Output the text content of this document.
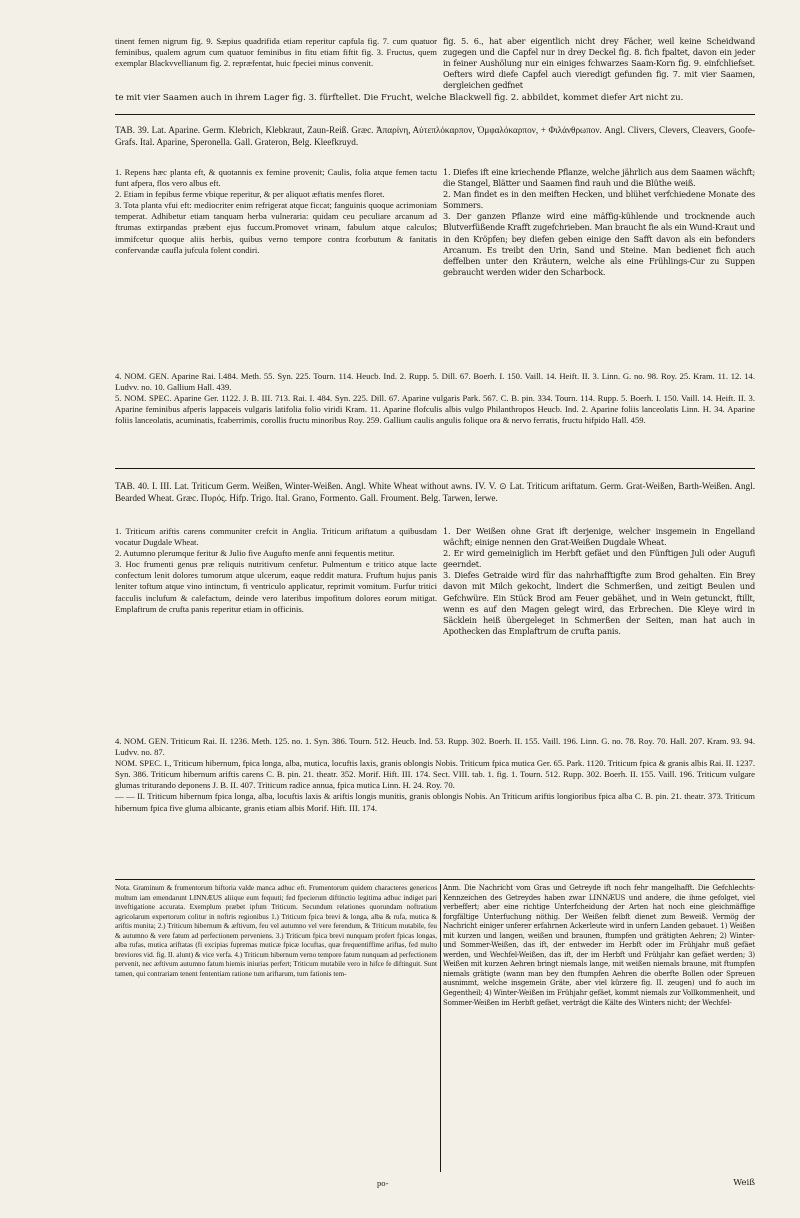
tinent femen nigrum fig. 9. Sæpius quadrifida etiam reperitur capfula fig. 7. cum quatuor feminibus, qualem agrum cum quatuor feminibus in fitu etiam fiftit fig. 3. Fructus, quem exemplar Blackvvellianum fig. 2. repræfentat, huic fpeciei minus convenit.

fig. 5. 6., hat aber eigentlich nicht drey Fächer, weil keine Scheidwand zugegen und die Capfel nur in drey Deckel fig. 8. fich fpaltet, davon ein jeder in feiner Aushölung nur ein einiges fchwarzes Saam-Korn fig. 9. einfchliefset. Oefters wird diefe Capfel auch vieredigt gefunden fig. 7. mit vier Saamen, dergleichen gedfnet

te mit vier Saamen auch in ihrem Lager fig. 3. fürftellet. Die Frucht, welche Blackwell fig. 2. abbildet, kommet diefer Art nicht zu.

TAB. 39. Lat. Aparine. Germ. Klebrich, Klebkraut, Zaun-Reiß. Græc. Ἀπαρίνη, Αὐτεπλόκαρπον, Ὀμφαλόκαρπον, + Φιλάνθρωπον. Angl. Clivers, Clevers, Cleavers, Goofe-Grafs. Ital. Aparine, Speronella. Gall. Grateron, Belg. Kleefkruyd.

1. Repens hæc planta eft, & quotannis ex femine provenit; Caulis, folia atque femen tactu funt afpera, flos vero albus eft.

2. Etiam in fepibus ferme vbique reperitur, & per aliquot æftatis menfes floret.

3. Tota planta vfui eft: mediocriter enim refrigerat atque ficcat; fanguinis quoque acrimoniam temperat. Adhibetur etiam tanquam herba vulneraria: quidam ceu peculiare arcanum ad ftrumas extirpandas præbent ejus fuccum.Promovet vrinam, fabulum atque calculos; immifcetur quoque aliis herbis, quibus verno tempore contra fcorbutum & fanitatis confervandæ caufla jufcula folent condiri.

1. Diefes ift eine kriechende Pflanze, welche jährlich aus dem Saamen wächft; die Stangel, Blätter und Saamen find rauh und die Blüthe weiß.

2. Man findet es in den meiften Hecken, und blühet verfchiedene Monate des Sommers.

3. Der ganzen Pflanze wird eine mäffig-kühlende und trocknende auch Blutverfüßende Krafft zugefchrieben. Man braucht fie als ein Wund-Kraut und in den Kröpfen; bey diefen geben einige den Safft davon als ein befonders Arcanum. Es treibt den Urin, Sand und Steine. Man bedienet fich auch deffelben unter den Kräutern, welche als eine Frühlings-Cur zu Suppen gebraucht werden wider den Scharbock.

4. NOM. GEN. Aparine Rai. l.484. Meth. 55. Syn. 225. Tourn. 114. Heucb. Ind. 2. Rupp. 5. Dill. 67. Boerh. I. 150. Vaill. 14. Heift. II. 3. Linn. G. no. 98. Roy. 25. Kram. 11. 12. 14. Ludvv. no. 10. Gallium Hall. 439.

5. NOM. SPEC. Aparine Ger. 1122. J. B. III. 713. Rai. I. 484. Syn. 225. Dill. 67. Aparine vulgaris Park. 567. C. B. pin. 334. Tourn. 114. Rupp. 5. Boerh. I. 150. Vaill. 14. Heift. II. 3. Aparine feminibus afperis lappaceis vulgaris latifolia folio viridi Kram. 11. Aparine flofculis albis vulgo Philanthropos Heucb. Ind. 2. Aparine foliis lanceolatis Linn. H. 34. Aparine foliis lanceolatis, acuminatis, fcaberrimis, corollis fructu minoribus Roy. 259. Gallium caulis angulis folique ora & nervo ferratis, fructu hifpido Hall. 459.

TAB. 40. I. III. Lat. Triticum Germ. Weißen, Winter-Weißen. Angl. White Wheat without awns. IV. V. ⊙ Lat. Triticum ariftatum. Germ. Grat-Weißen, Barth-Weißen. Angl. Bearded Wheat. Græc. Πυρός. Hifp. Trigo. Ital. Grano, Formento. Gall. Froument. Belg. Tarwen, Ierwe.

1. Triticum ariftis carens communiter crefcit in Anglia. Triticum ariftatum a quibusdam vocatur Dugdale Wheat.

2. Autumno plerumque feritur & Julio five Augufto menfe anni fequentis metitur.

3. Hoc frumenti genus præ reliquis nutritivum cenfetur. Pulmentum e tritico atque lacte confectum lenit dolores tumorum atque ulcerum, eaque reddit maturа. Fruftum hujus panis leniter toftum atque vino intinctum, fi ventriculo applicatur, reprimit vomitum. Furfur tritici facculis inclufum & calefactum, deinde vero lateribus impofitum dolores eorum mitigat. Emplaftrum de crufta panis reperitur etiam in officinis.

1. Der Weißen ohne Grat ift derjenige, welcher insgemein in Engelland wächft; einige nennen den Grat-Weißen Dugdale Wheat.

2. Er wird gemeiniglich im Herbft gefäet und den Fünftigen Juli oder Augufi geerndet.

3. Diefes Getraide wird für das nahrhafftigfte zum Brod gehalten. Ein Brey davon mit Milch gekocht, lindert die Schmerßen, und zeitigt Beulen und Gefchwüre. Ein Stück Brod am Feuer gebähet, und in Wein getunckt, ftillt, wenn es auf den Magen gelegt wird, das Erbrechen. Die Kleye wird in Säcklein heiß übergeleget in Schmerßen der Seiten, man hat auch in Apothecken das Emplaftrum de crufta panis.

4. NOM. GEN. Triticum Rai. II. 1236. Meth. 125. no. 1. Syn. 386. Tourn. 512. Heucb. Ind. 53. Rupp. 302. Boerh. II. 155. Vaill. 196. Linn. G. no. 78. Roy. 70. Hall. 207. Kram. 93. 94. Ludvv. no. 87.

NOM. SPEC. I., Triticum hibernum, fpica longa, alba, mutica, locuftis laxis, granis oblongis Nobis. Triticum fpica mutica Ger. 65. Park. 1120. Triticum fpica & granis albis Rai. II. 1237. Syn. 386. Triticum hibernum ariftis carens C. B. pin. 21. theatr. 352. Morif. Hift. III. 174. Sect. VIII. tab. 1. fig. 1. Tourn. 512. Rupp. 302. Boerh. II. 155. Vaill. 196. Triticum vulgare glumas triturando deponens J. B. II. 407. Triticum radice annua, fpica mutica Linn. H. 24. Roy. 70.

— — II. Triticum hibernum fpica longa, alba, locuftis laxis & ariftis longis munitis, granis oblongis Nobis. An Triticum ariftis longioribus fpica alba C. B. pin. 21. theatr. 373. Triticum hibernum fpica five glumа albicante, granis etiam albis Morif. Hift. III. 174.

Nota. Graminum & frumentorum hiftoria valde manca adhuc eft. Frumentorum quidem characteres genericos multum iam emendarunt LINNÆUS aliique eum fequuti; fed fpecierum diftinctio legitima adhuc indiget pari inveftigatione accurata. Exemplum præbet ipfum Triticum. Secundum relationes quorundam noftratium agricolarum expertorum colitur in noftris regionibus 1.) Triticum fpica brevi & longa, alba & rufa, mutica & ariftis munita; 2.) Triticum hibernum & æftivum, feu vel autumno vel vere ferendum, & Triticum mutabile, feu & autumno & vere fatum ad perfectionem perveniens. 3.) Triticum fpica brevi nunquam profert fpicas longas, alba rufas, mutica ariftatas (fi excipias fupremas muticæ fpicæ locuftas, quæ frequentiffime ariftas, fed multo breviores vid. fig. II. alunt) & vice verfa. 4.) Triticum hibernum verno tempore fatum nunquam ad perfectionem pervenit, nec æftivum autumno fatum hiemis iniurias perfert; Triticum mutabile vero in hifce fe diftinguit. Sunt tamen, qui contrariam tenent fententiam ratione tum ariftarum, tum fationis tem-

Anm. Die Nachricht vom Gras und Getreyde ift noch fehr mangelhafft. Die Gefchlechts-Kennzeichen des Getreydes haben zwar LINNÆUS und andere, die ihme gefolget, viel verbeffert; aber eine richtige Unterfcheidung der Arten hat noch eine gleichmäffige forgfältige Unterfuchung nöthig. Der Weißen felbft dienet zum Beweiß. Vermög der Nachricht einiger unferer erfahrnen Ackerleute wird in unfern Landen gebauet. 1) Weißen mit kurzen und langen, weißen und braunen, ftumpfen und grätigten Aehren; 2) Winter- und Sommer-Weißen, das ift, der entweder im Herbft oder im Frühjahr muß gefäet werden, und Wechfel-Weißen, das ift, der im Herbft und Frühjahr kan gefäet werden; 3) Weißen mit kurzen Aehren bringt niemals lange, mit weißen niemals braune, mit ftumpfen niemals grätigte (wann man bey den ftumpfen Aehren die oberfte Bollen oder Spreuen ausnimmt, welche insgemein Gräte, aber viel kürzere fig. II. zeugen) und fo auch im Gegentheil; 4) Winter-Weißen im Frühjahr gefäet, kommt niemals zur Vollkommenheit, und Sommer-Weißen im Herbft gefäet, verträgt die Kälte des Winters nicht; der Wechfel-

po-	Weiß
